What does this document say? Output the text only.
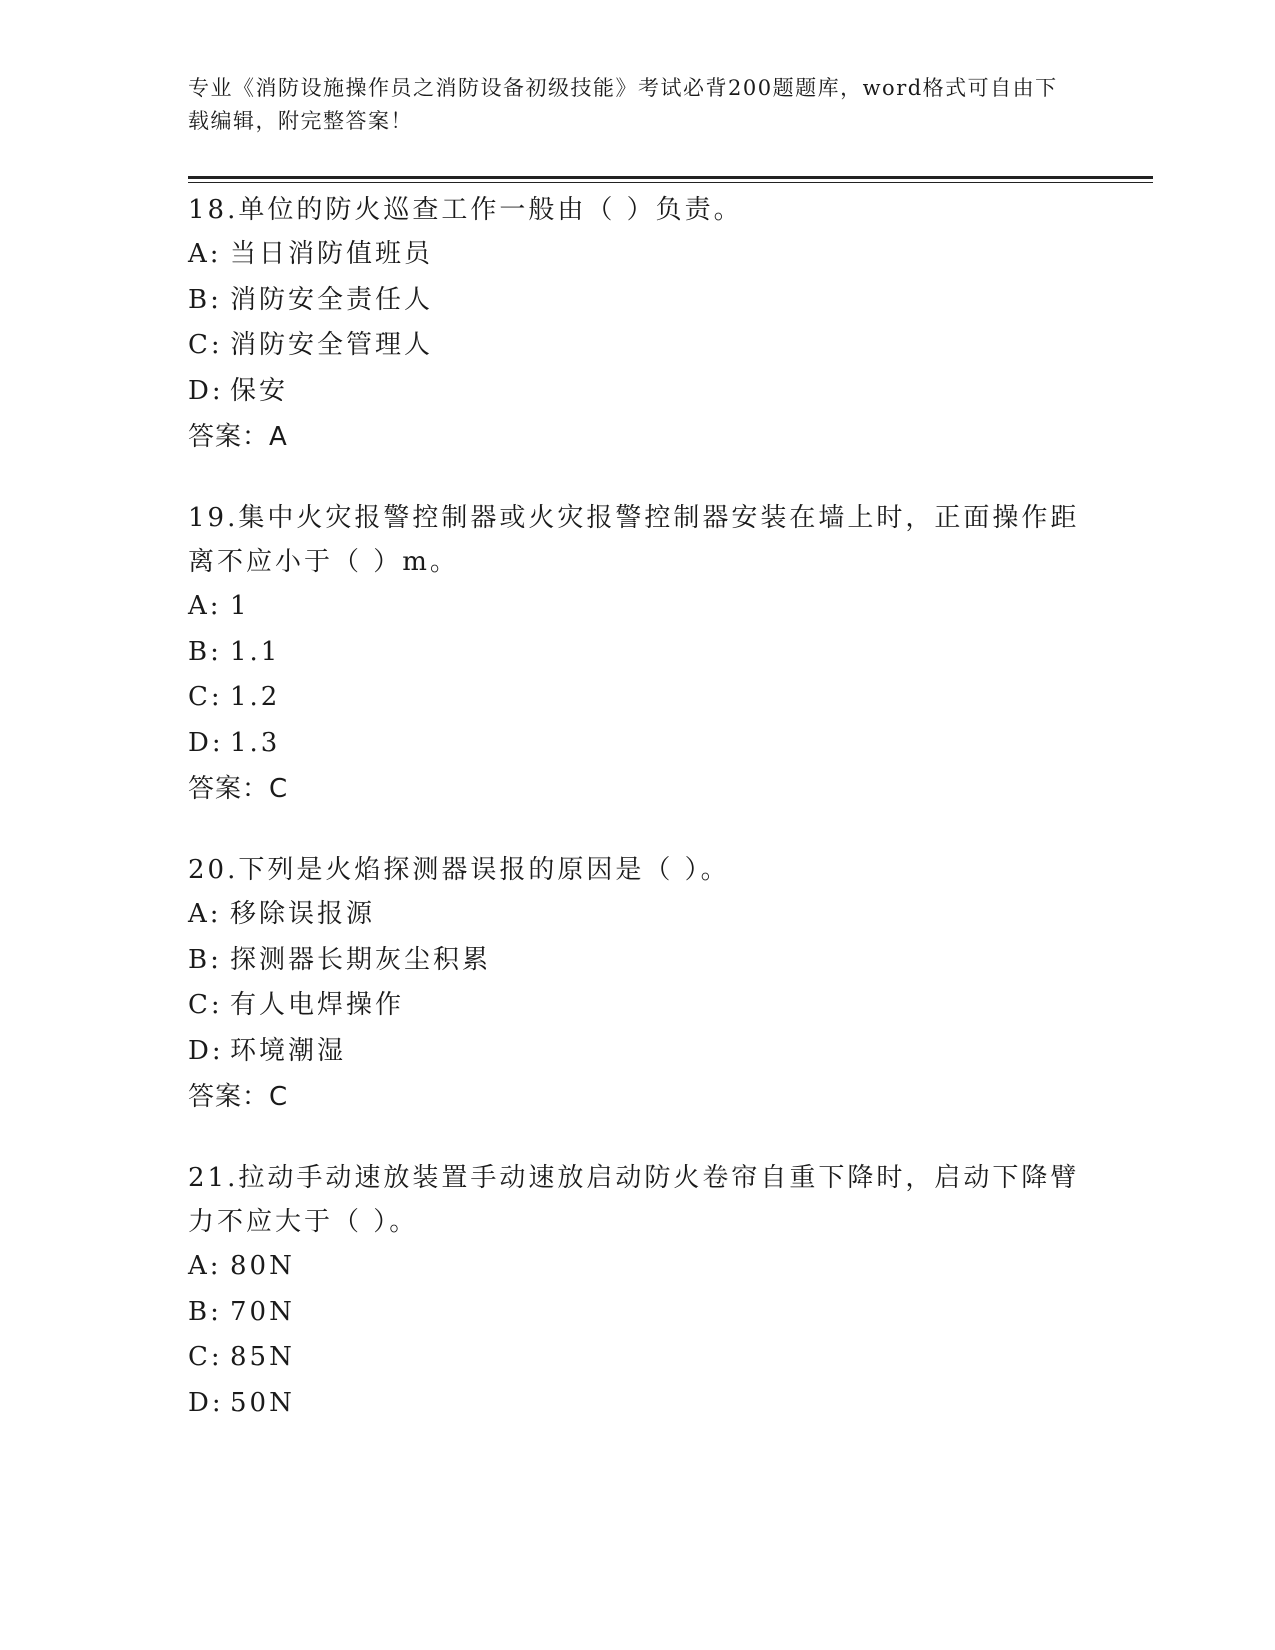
专业《消防设施操作员之消防设备初级技能》考试必背200题题库，word格式可自由下载编辑，附完整答案！

18.单位的防火巡查工作一般由（ ）负责。

A: 当日消防值班员
B: 消防安全责任人
C: 消防安全管理人
D: 保安
答案：A

19.集中火灾报警控制器或火灾报警控制器安装在墙上时，正面操作距离不应小于（ ）m。

A: 1
B: 1.1
C: 1.2
D: 1.3
答案：C

20.下列是火焰探测器误报的原因是（ ）。

A: 移除误报源
B: 探测器长期灰尘积累
C: 有人电焊操作
D: 环境潮湿
答案：C

21.拉动手动速放装置手动速放启动防火卷帘自重下降时，启动下降臂力不应大于（ ）。

A: 80N
B: 70N
C: 85N
D: 50N
